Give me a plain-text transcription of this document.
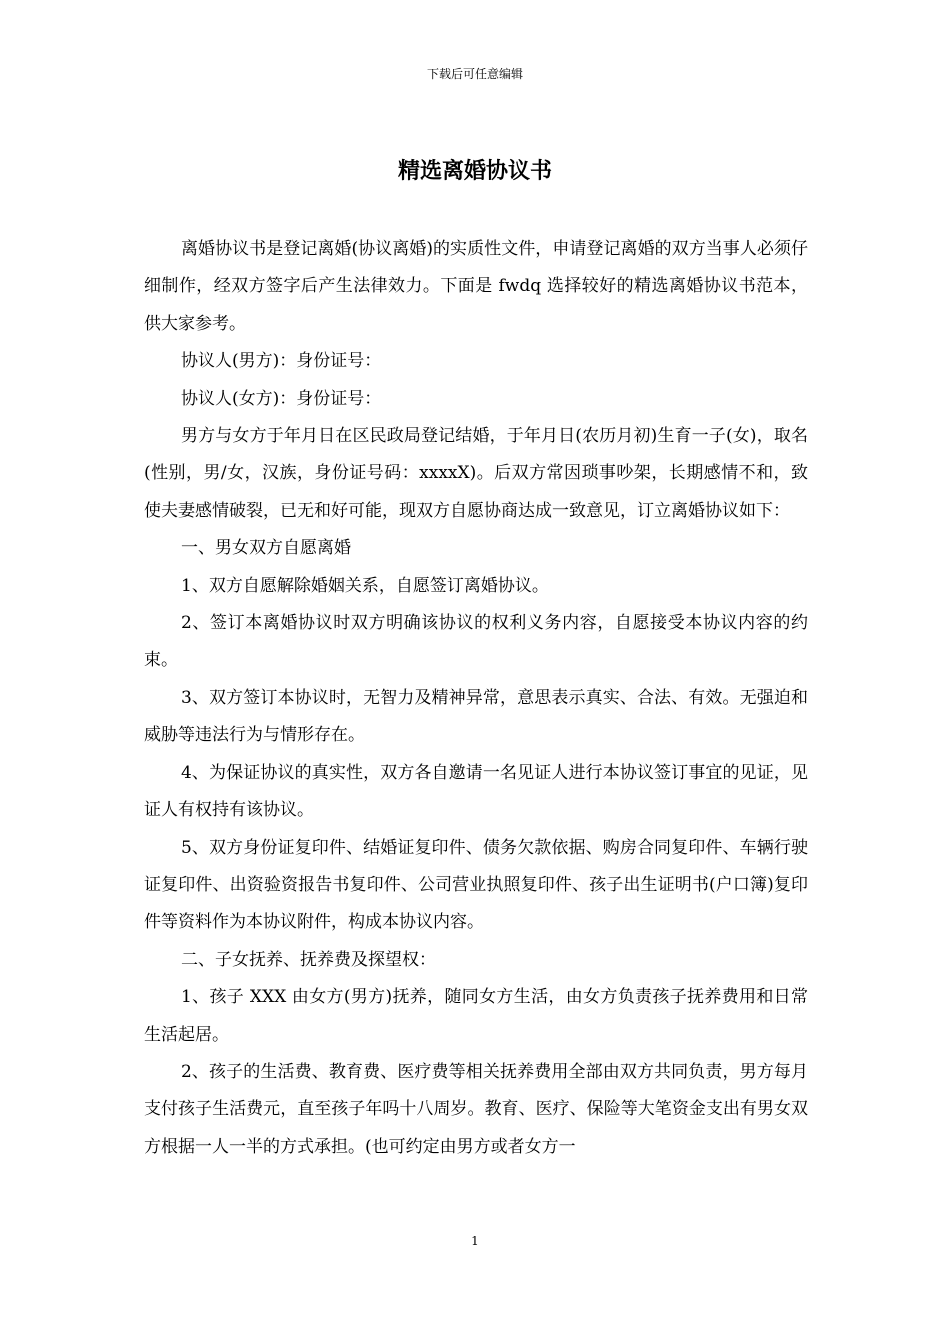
下载后可任意编辑
精选离婚协议书

离婚协议书是登记离婚(协议离婚)的实质性文件，申请登记离婚的双方当事人必须仔细制作，经双方签字后产生法律效力。下面是 fwdq 选择较好的精选离婚协议书范本，供大家参考。

协议人(男方)：身份证号：

协议人(女方)：身份证号：

男方与女方于年月日在区民政局登记结婚，于年月日(农历月初)生育一子(女)，取名(性别，男/女，汉族，身份证号码：xxxxX)。后双方常因琐事吵架，长期感情不和，致使夫妻感情破裂，已无和好可能，现双方自愿协商达成一致意见，订立离婚协议如下：

一、男女双方自愿离婚

1、双方自愿解除婚姻关系，自愿签订离婚协议。

2、签订本离婚协议时双方明确该协议的权利义务内容，自愿接受本协议内容的约束。

3、双方签订本协议时，无智力及精神异常，意思表示真实、合法、有效。无强迫和威胁等违法行为与情形存在。

4、为保证协议的真实性，双方各自邀请一名见证人进行本协议签订事宜的见证，见证人有权持有该协议。

5、双方身份证复印件、结婚证复印件、债务欠款依据、购房合同复印件、车辆行驶证复印件、出资验资报告书复印件、公司营业执照复印件、孩子出生证明书(户口簿)复印件等资料作为本协议附件，构成本协议内容。

二、子女抚养、抚养费及探望权：

1、孩子 XXX 由女方(男方)抚养，随同女方生活，由女方负责孩子抚养费用和日常生活起居。

2、孩子的生活费、教育费、医疗费等相关抚养费用全部由双方共同负责，男方每月支付孩子生活费元，直至孩子年吗十八周岁。教育、医疗、保险等大笔资金支出有男女双方根据一人一半的方式承担。(也可约定由男方或者女方一

1
